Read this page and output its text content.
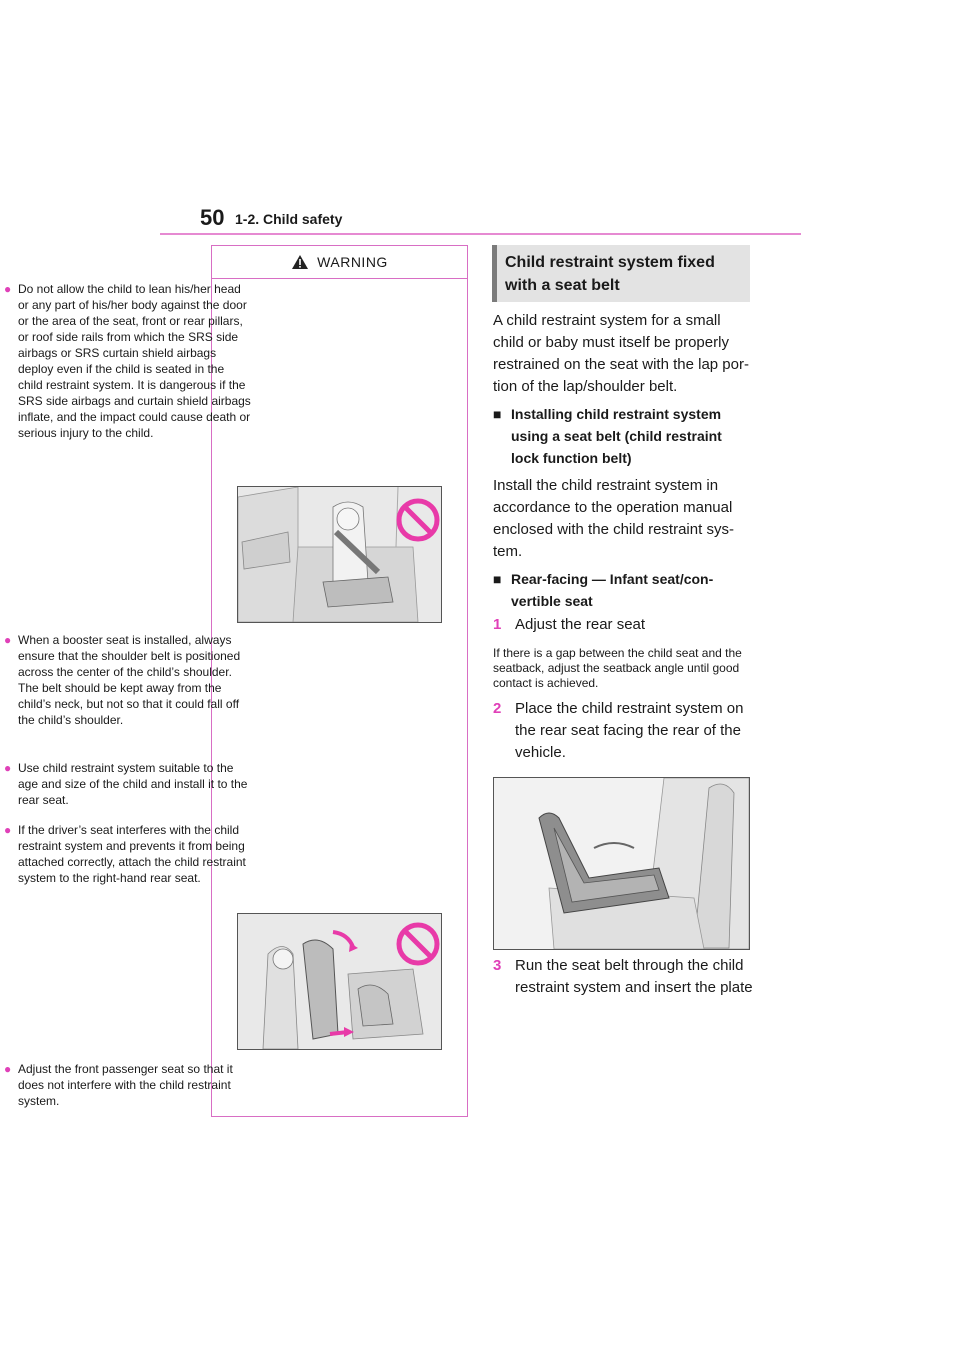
50 1-2. Child safety
WARNING
● Do not allow the child to lean his/her head or any part of his/her body against the door or the area of the seat, front or rear pillars, or roof side rails from which the SRS side airbags or SRS curtain shield airbags deploy even if the child is seated in the child restraint system. It is dangerous if the SRS side airbags and curtain shield airbags inflate, and the impact could cause death or serious injury to the child.
● When a booster seat is installed, always ensure that the shoulder belt is positioned across the center of the child’s shoulder. The belt should be kept away from the child’s neck, but not so that it could fall off the child’s shoulder.
● Use child restraint system suitable to the age and size of the child and install it to the rear seat.
● If the driver’s seat interferes with the child restraint system and prevents it from being attached correctly, attach the child restraint system to the right-hand rear seat.
● Adjust the front passenger seat so that it does not interfere with the child restraint system.
Child restraint system fixed with a seat belt
A child restraint system for a small child or baby must itself be properly restrained on the seat with the lap por-tion of the lap/shoulder belt.
■ Installing child restraint system using a seat belt (child restraint lock function belt)
Install the child restraint system in accordance to the operation manual enclosed with the child restraint sys-tem.
■ Rear-facing — Infant seat/con-vertible seat
1 Adjust the rear seat
If there is a gap between the child seat and the seatback, adjust the seatback angle until good contact is achieved.
2 Place the child restraint system on the rear seat facing the rear of the vehicle.
3 Run the seat belt through the child restraint system and insert the plate
